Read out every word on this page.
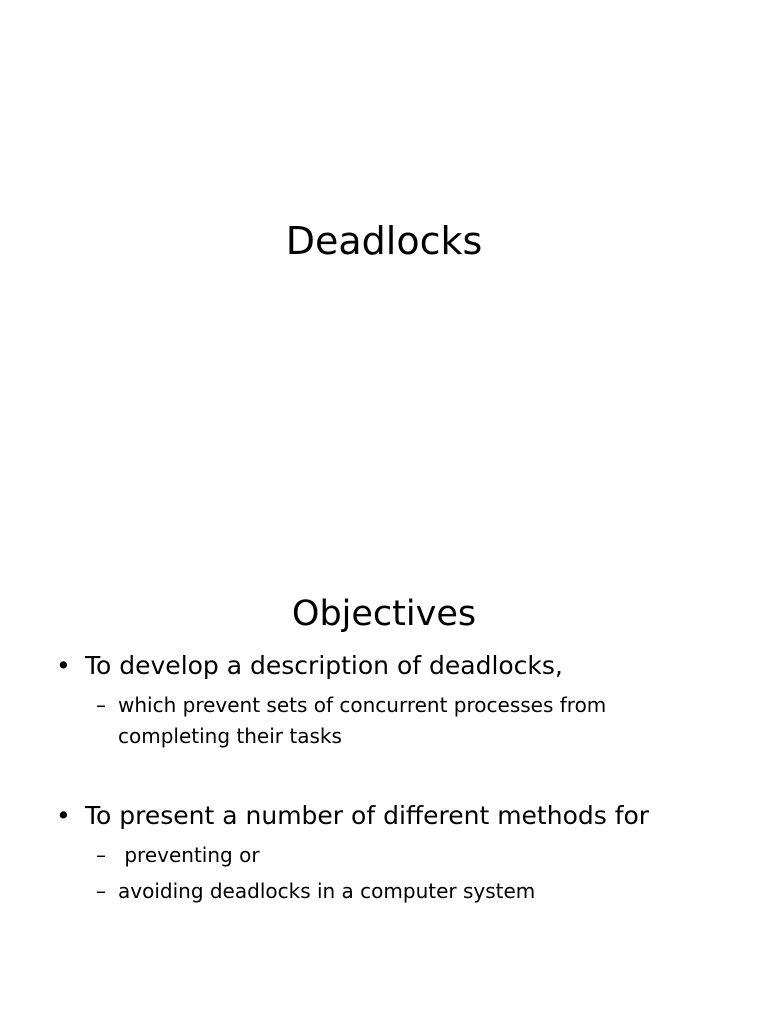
Deadlocks
Objectives
• To develop a description of deadlocks,
– which prevent sets of concurrent processes from completing their tasks
• To present a number of different methods for
– preventing or
– avoiding deadlocks in a computer system
